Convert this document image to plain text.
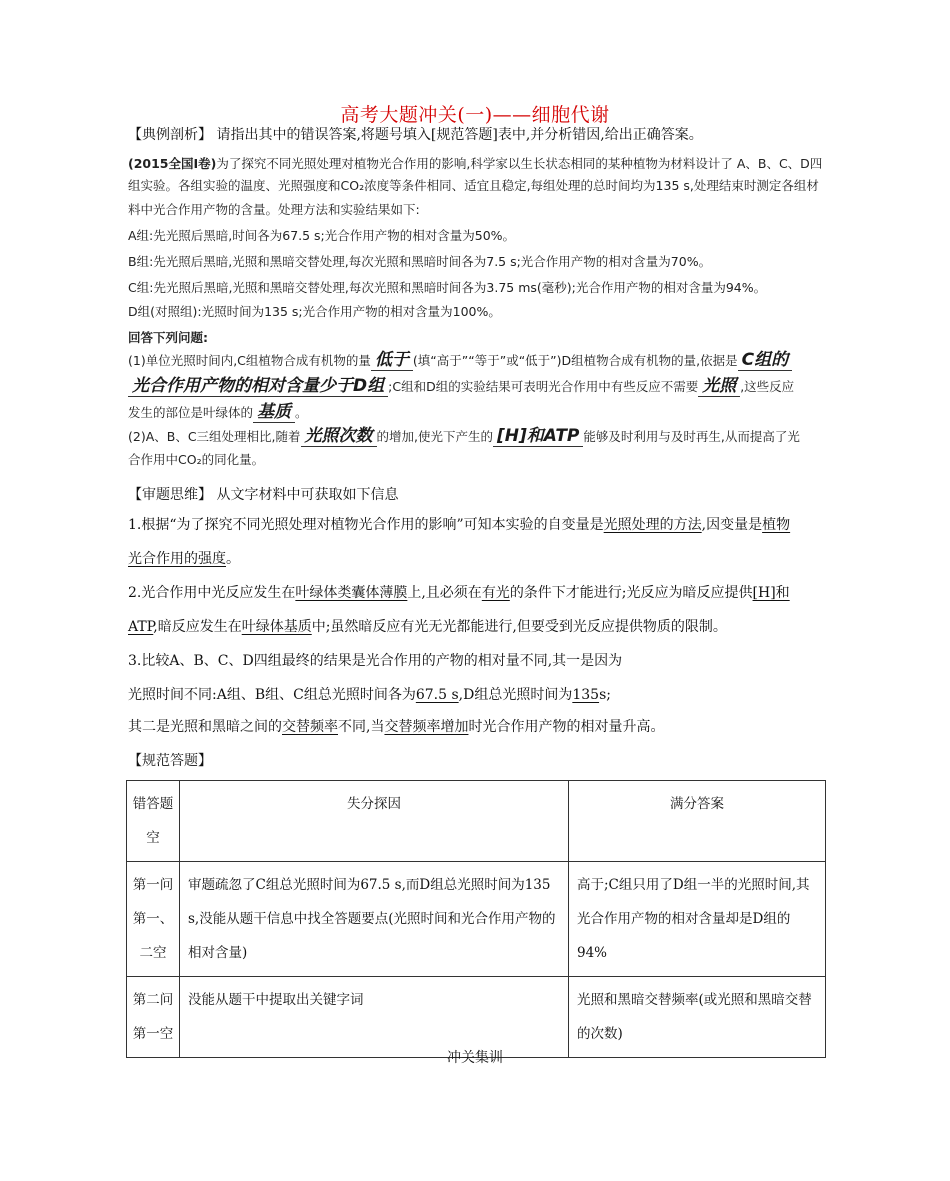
高考大题冲关(一)——细胞代谢
【典例剖析】 请指出其中的错误答案,将题号填入[规范答题]表中,并分析错因,给出正确答案。
(2015全国Ⅰ卷)为了探究不同光照处理对植物光合作用的影响,科学家以生长状态相同的某种植物为材料设计了 A、B、C、D四
组实验。各组实验的温度、光照强度和CO₂浓度等条件相同、适宜且稳定,每组处理的总时间均为135 s,处理结束时测定各组材
料中光合作用产物的含量。处理方法和实验结果如下:
A组:先光照后黑暗,时间各为67.5 s;光合作用产物的相对含量为50%。
B组:先光照后黑暗,光照和黑暗交替处理,每次光照和黑暗时间各为7.5 s;光合作用产物的相对含量为70%。
C组:先光照后黑暗,光照和黑暗交替处理,每次光照和黑暗时间各为3.75 ms(毫秒);光合作用产物的相对含量为94%。
D组(对照组):光照时间为135 s;光合作用产物的相对含量为100%。
回答下列问题:
(1)单位光照时间内,C组植物合成有机物的量 低于 (填“高于”“等于”或“低于”)D组植物合成有机物的量,依据是 C组的
光合作用产物的相对含量少于D组 ;C组和D组的实验结果可表明光合作用中有些反应不需要 光照 ,这些反应
发生的部位是叶绿体的 基质 。
(2)A、B、C三组处理相比,随着 光照次数 的增加,使光下产生的 [H]和ATP 能够及时利用与及时再生,从而提高了光
合作用中CO₂的同化量。
【审题思维】 从文字材料中可获取如下信息
1.根据“为了探究不同光照处理对植物光合作用的影响”可知本实验的自变量是光照处理的方法,因变量是植物
光合作用的强度。
2.光合作用中光反应发生在叶绿体类囊体薄膜上,且必须在有光的条件下才能进行;光反应为暗反应提供[H]和
ATP,暗反应发生在叶绿体基质中;虽然暗反应有光无光都能进行,但要受到光反应提供物质的限制。
3.比较A、B、C、D四组最终的结果是光合作用的产物的相对量不同,其一是因为
光照时间不同:A组、B组、C组总光照时间各为67.5 s,D组总光照时间为135s;
其二是光照和黑暗之间的交替频率不同,当交替频率增加时光合作用产物的相对量升高。
【规范答题】
错答题空	失分探因	满分答案
第一问第一、二空	审题疏忽了C组总光照时间为67.5 s,而D组总光照时间为135 s,没能从题干信息中找全答题要点(光照时间和光合作用产物的相对含量)	高于;C组只用了D组一半的光照时间,其光合作用产物的相对含量却是D组的94%
第二问第一空	没能从题干中提取出关键字词	光照和黑暗交替频率(或光照和黑暗交替的次数)
冲关集训
